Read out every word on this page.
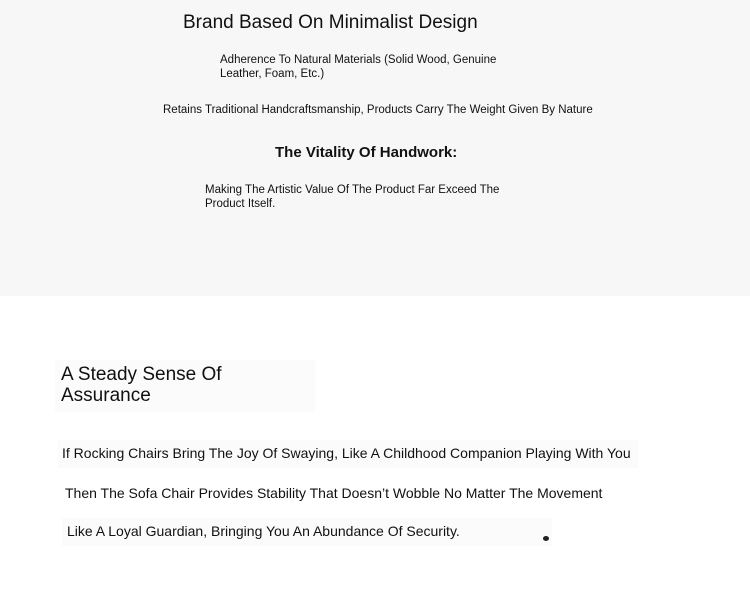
Brand Based On Minimalist Design

Adherence To Natural Materials (Solid Wood, Genuine Leather, Foam, Etc.)

Retains Traditional Handcraftsmanship, Products Carry The Weight Given By Nature

The Vitality Of Handwork:

Making The Artistic Value Of The Product Far Exceed The Product Itself.

A Steady Sense Of Assurance

If Rocking Chairs Bring The Joy Of Swaying, Like A Childhood Companion Playing With You

Then The Sofa Chair Provides Stability That Doesn’t Wobble No Matter The Movement

Like A Loyal Guardian, Bringing You An Abundance Of Security.
